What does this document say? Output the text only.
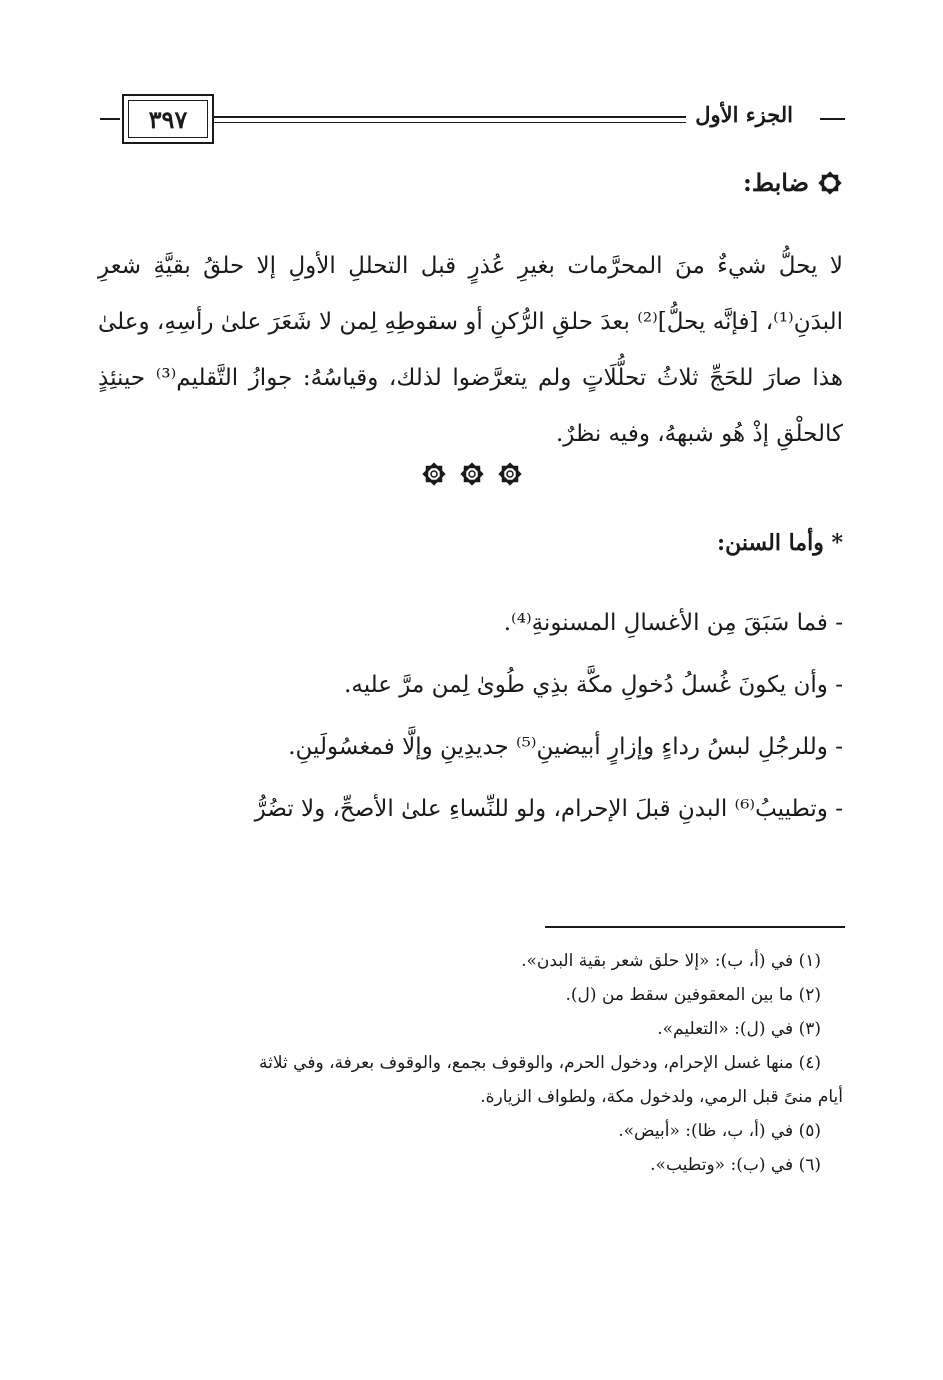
٣٩٧	الجزء الأول
ضابط:
لا يحلُّ شيءٌ منَ المحرَّمات بغيرِ عُذرٍ قبل التحللِ الأولِ إلا حلقُ بقيَّةِ شعرِ البدَنِ⁽¹⁾، [فإنَّه يحلُّ]⁽²⁾ بعدَ حلقِ الرُّكنِ أو سقوطِهِ لِمن لا شَعَرَ علىٰ رأسِهِ، وعلىٰ هذا صارَ للحَجِّ ثلاثُ تحلُّلَاتٍ ولم يتعرَّضوا لذلك، وقياسُهُ: جوازُ التَّقليم⁽³⁾ حينئِذٍ كالحلْقِ إذْ هُو شبههُ، وفيه نظرٌ.
* وأما السنن:
- فما سَبَقَ مِن الأغسالِ المسنونةِ⁽⁴⁾.
- وأن يكونَ غُسلُ دُخولِ مكَّة بذِي طُوىٰ لِمن مرَّ عليه.
- وللرجُلِ لبسُ رداءٍ وإزارٍ أبيضينِ⁽⁵⁾ جديدِينِ وإلَّا فمغسُولَينِ.
- وتطييبُ⁽⁶⁾ البدنِ قبلَ الإحرام، ولو للنِّساءِ علىٰ الأصحِّ، ولا تضُرُّ
(١) في (أ، ب): «إلا حلق شعر بقية البدن».
(٢) ما بين المعقوفين سقط من (ل).
(٣) في (ل): «التعليم».
(٤) منها غسل الإحرام، ودخول الحرم، والوقوف بجمع، والوقوف بعرفة، وفي ثلاثة
أيام منىً قبل الرمي، ولدخول مكة، ولطواف الزيارة.
(٥) في (أ، ب، ظا): «أبيض».
(٦) في (ب): «وتطيب».
